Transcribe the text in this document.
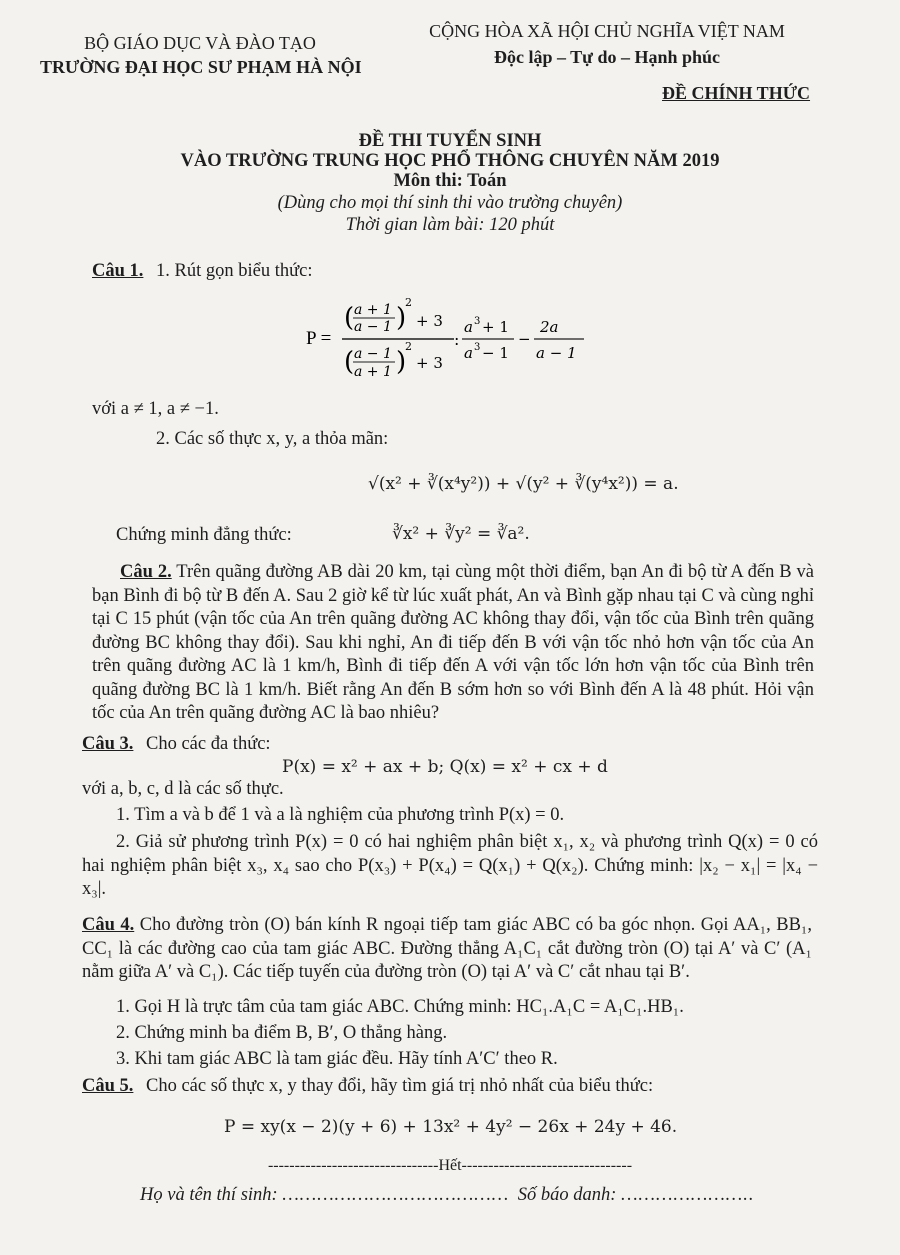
BỘ GIÁO DỤC VÀ ĐÀO TẠO
TRƯỜNG ĐẠI HỌC SƯ PHẠM HÀ NỘI
CỘNG HÒA XÃ HỘI CHỦ NGHĨA VIỆT NAM
Độc lập – Tự do – Hạnh phúc
ĐỀ CHÍNH THỨC
ĐỀ THI TUYỂN SINH
VÀO TRƯỜNG TRUNG HỌC PHỔ THÔNG CHUYÊN NĂM 2019
Môn thi: Toán
(Dùng cho mọi thí sinh thi vào trường chuyên)
Thời gian làm bài: 120 phút
Câu 1. 1. Rút gọn biểu thức:
P =
( a + 1
a − 1 )
2
+ 3
( a − 1
a + 1 )
2
+ 3
:
a 3 + 1
a 3 − 1
−
2a
a − 1
với a ≠ 1, a ≠ −1.
2. Các số thực x, y, a thỏa mãn:
√(x² + ∛(x⁴y²)) + √(y² + ∛(y⁴x²)) = a.
Chứng minh đẳng thức:	∛x² + ∛y² = ∛a².
Câu 2. Trên quãng đường AB dài 20 km, tại cùng một thời điểm, bạn An đi bộ từ A đến B và bạn Bình đi bộ từ B đến A. Sau 2 giờ kể từ lúc xuất phát, An và Bình gặp nhau tại C và cùng nghỉ tại C 15 phút (vận tốc của An trên quãng đường AC không thay đổi, vận tốc của Bình trên quãng đường BC không thay đổi). Sau khi nghỉ, An đi tiếp đến B với vận tốc nhỏ hơn vận tốc của An trên quãng đường AC là 1 km/h, Bình đi tiếp đến A với vận tốc lớn hơn vận tốc của Bình trên quãng đường BC là 1 km/h. Biết rằng An đến B sớm hơn so với Bình đến A là 48 phút. Hỏi vận tốc của An trên quãng đường AC là bao nhiêu?
Câu 3. Cho các đa thức:
P(x) = x² + ax + b; Q(x) = x² + cx + d
với a, b, c, d là các số thực.
1. Tìm a và b để 1 và a là nghiệm của phương trình P(x) = 0.
2. Giả sử phương trình P(x) = 0 có hai nghiệm phân biệt x₁, x₂ và phương trình Q(x) = 0 có hai nghiệm phân biệt x₃, x₄ sao cho P(x₃) + P(x₄) = Q(x₁) + Q(x₂). Chứng minh: |x₂ − x₁| = |x₄ − x₃|.
Câu 4. Cho đường tròn (O) bán kính R ngoại tiếp tam giác ABC có ba góc nhọn. Gọi AA₁, BB₁, CC₁ là các đường cao của tam giác ABC. Đường thẳng A₁C₁ cắt đường tròn (O) tại A′ và C′ (A₁ nằm giữa A′ và C₁). Các tiếp tuyến của đường tròn (O) tại A′ và C′ cắt nhau tại B′.
1. Gọi H là trực tâm của tam giác ABC. Chứng minh: HC₁.A₁C = A₁C₁.HB₁.
2. Chứng minh ba điểm B, B′, O thẳng hàng.
3. Khi tam giác ABC là tam giác đều. Hãy tính A′C′ theo R.
Câu 5. Cho các số thực x, y thay đổi, hãy tìm giá trị nhỏ nhất của biểu thức:
P = xy(x − 2)(y + 6) + 13x² + 4y² − 26x + 24y + 46.
--------------------------------Hết--------------------------------
Họ và tên thí sinh: ………………………………… Số báo danh: …………………..
